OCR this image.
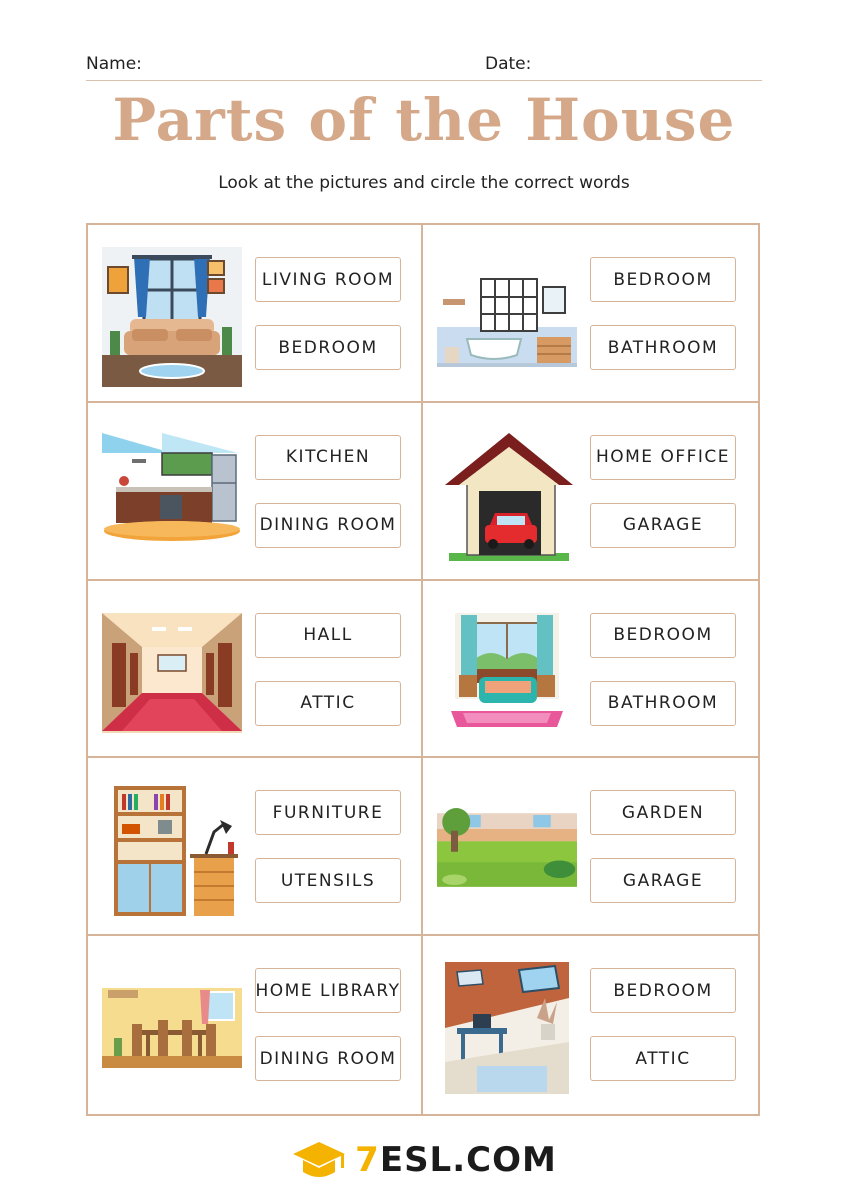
Name:	Date:
Parts of the House
Look at the pictures and circle the correct words
LIVING ROOM
BEDROOM
BEDROOM
BATHROOM
KITCHEN
DINING ROOM
HOME OFFICE
GARAGE
HALL
ATTIC
BEDROOM
BATHROOM
FURNITURE
UTENSILS
GARDEN
GARAGE
HOME LIBRARY
DINING ROOM
BEDROOM
ATTIC
7ESL.COM
